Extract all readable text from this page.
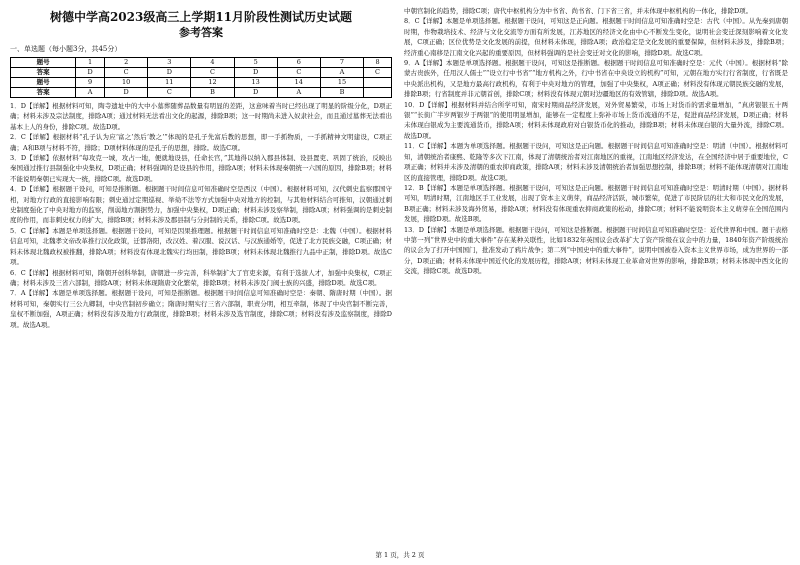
树德中学高2023级高三上学期11月阶段性测试历史试题
参考答案
一、单选题（每小题3分，共45分）
题号	1	2	3	4	5	6	7	8
答案	D	C	D	C	D	C	A	C
题号	9	10	11	12	13	14	15	
答案	A	D	C	B	D	A	B	

1．D【详解】根据材料可知，陶寺遗址中的大中小墓葬随葬品数量有明显的差距，这意味着当时已经出现了明显的阶级分化，D项正确；材料未涉及宗法制度，排除A项；通过材料无法看出文化的起源，排除B项；这一时期尚未进入奴隶社会，而且通过墓葬无法看出基本上人的身份，排除C项。故选D项。

2．C【详解】根据材料“孔子认为应‘富之’然后‘教之’”体现的是孔子先富后教的思想，即一手抓物质，一手抓精神文明建设，C项正确；A和B项与材料不符，排除；D项材料体现的是孔子的思想，排除。故选C项。

3．D【详解】依据材料“每攻克一城，攻占一地，便就地设县，任命长官，”其地得以纳入郡县体制、设县置吏、巩固了统治，反映出秦国通过推行县制强化中央集权，D项正确；材料强调的是设县的作用，排除A项；材料未体现秦朝统一六国的原因，排除B项；材料不能说明秦朝已实现大一统，排除C项。故选D项。

4．D【详解】根据题干设问，可知是推断题。根据题干时间信息可知准确时空是西汉（中国）。根据材料可知，汉代刺史监察郡国守相，对地方行政的直接影响有限；刺史通过定期巡视、举劾不法等方式加强中央对地方的控制，与其他材料结合可推知，汉朝通过刺史制度强化了中央对地方的监察，削弱地方割据势力，加强中央集权，D项正确；材料未涉及察举制，排除A项；材料强调的是刺史制度的作用，而非刺史权力的扩大，排除B项；材料未涉及郡县制与分封制的关系，排除C项。故选D项。

5．C【详解】本题是单项选择题。根据题干设问，可知是因果推理题。根据题干时间信息可知准确时空是：北魏（中国）。根据材料信息可知，北魏孝文帝改革推行汉化政策，迁都洛阳，改汉姓、着汉服、说汉话、与汉族通婚等，促进了北方民族交融，C项正确；材料未体现北魏政权被推翻，排除A项；材料没有体现北魏实行均田制，排除B项；材料未体现北魏推行九品中正制，排除D项。故选C项。

6．C【详解】根据材料可知，隋朝开创科举制，唐朝进一步完善，科举制扩大了官吏来源，有利于选拔人才，加强中央集权，C项正确；材料未涉及三省六部制，排除A项；材料未体现隋唐文化繁荣，排除B项；材料未涉及门阀士族的兴盛，排除D项。故选C项。

7．A【详解】本题是单项选择题。根据题干设问，可知是推断题。根据题干时间信息可知准确时空是：秦朝、隋唐时期（中国）。据材料可知，秦朝实行三公九卿制，中央官制初步确立；隋唐时期实行三省六部制，职责分明，相互牵制，体现了中央官制不断完善，皇权不断加强，A项正确；材料没有涉及地方行政制度，排除B项；材料未涉及选官制度，排除C项；材料没有涉及监察制度，排除D项。故选A项。

中朝官制化的趋势，排除C项；唐代中枢机构分为中书省、尚书省、门下省三省，并未体现中枢机构的一体化，排除D项。

8．C【详解】本题是单项选择题。根据题干设问，可知这是正向题。根据题干时间信息可知准确时空是：古代（中国）。从先秦到唐朝时期，作物栽培技术、经济与文化交流等方面有所发展，江苏地区的经济文化由中心不断发生变化，说明社会变迁深刻影响着文化发展，C项正确；区位优势是文化发展的前提，但材料未体现，排除A项；政治稳定是文化发展的重要保障，但材料未涉及，排除B项；经济重心南移是江南文化兴起的重要原因，但材料强调的是社会变迁对文化的影响，排除D项。故选C项。

9．A【详解】本题是单项选择题。根据题干设问，可知这是推断题。根据题干时间信息可知准确时空是：元代（中国）。根据材料“除蒙古贵族外，任用汉人儒士”“设立行中书省”“地方机构之外，行中书省在中央设立的机构”可知，元朝在地方实行行省制度，行省既是中央派出机构，又是地方最高行政机构，有利于中央对地方的管理，加强了中央集权，A项正确；材料没有体现元朝民族交融的发展，排除B项；行省制度并非元朝首创，排除C项；材料没有体现元朝对边疆地区的有效管辖，排除D项。故选A项。

10．D【详解】根据材料并结合所学可知，南宋时期商品经济发展，对外贸易繁荣，市场上对货币的需求量增加，“真虏银银五十两银”“长街广半岁两银岁于两银”的使用明显增加，能够在一定程度上弥补市场上货币流通的不足，促进商品经济发展，D项正确；材料未体现白银成为主要流通货币，排除A项；材料未体现政府对白银货币化的推动，排除B项；材料未体现白银的大量外流，排除C项。故选D项。

11．C【详解】本题为单项选择题。根据题干设问，可知这是正向题。根据题干时间信息可知准确时空是：明清（中国）。根据材料可知，清朝统治者康熙、乾隆等多次下江南，体现了清朝统治者对江南地区的重视，江南地区经济发达，在全国经济中居于重要地位，C项正确；材料并未涉及清朝的重农抑商政策，排除A项；材料未涉及清朝统治者加强思想控制，排除B项；材料不能体现清朝对江南地区的直接管理，排除D项。故选C项。

12．B【详解】本题是单项选择题。根据题干设问，可知这是正向题。根据题干时间信息可知准确时空是：明清时期（中国）。据材料可知，明清时期，江南地区手工业发展，出现了资本主义萌芽，商品经济活跃，城市繁荣，促进了市民阶层的壮大和市民文化的发展，B项正确；材料未涉及海外贸易，排除A项；材料没有体现重农抑商政策的松动，排除C项；材料不能说明资本主义萌芽在全国范围内发展，排除D项。故选B项。

13．D【详解】本题是单项选择题。根据题干设问，可知这是推断题。根据题干时间信息可知准确时空是：近代世界和中国。题干表格中第一列“世界史中的重大事件”存在某种关联性，比如1832年英国议会改革扩大了资产阶级在议会中的力量，1840年资产阶级统治的议会为了打开中国国门，批准发动了鸦片战争；第二列“中国史中的重大事件”，说明中国被卷入资本主义世界市场，成为世界的一部分，D项正确；材料未体现中国近代化的发展历程，排除A项；材料未体现工业革命对世界的影响，排除B项；材料未体现中西文化的交流，排除C项。故选D项。

第 1 页，共 2 页
